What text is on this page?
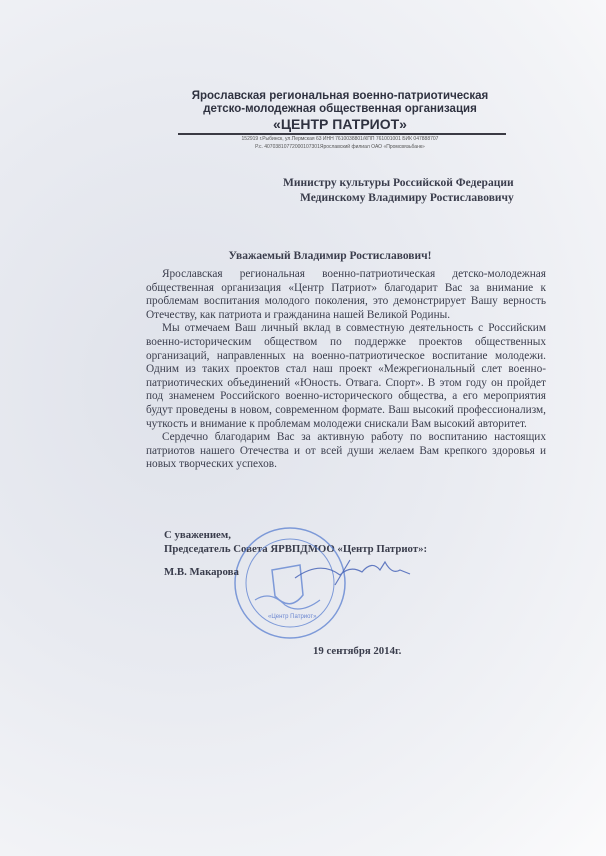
Ярославская региональная военно-патриотическая
детско-молодежная общественная организация
«ЦЕНТР ПАТРИОТ»
152919 г.Рыбинск, ул.Пермская 63 ИНН 7610038801/КПП 761001001 БИК 047888707
Р.с. 40703810772000107301Ярославский филиал ОАО «Промсвязьбанк»
Министру культуры Российской Федерации
Мединскому Владимиру Ростиславовичу
Уважаемый Владимир Ростиславович!

Ярославская региональная военно-патриотическая детско-молодежная общественная организация «Центр Патриот» благодарит Вас за внимание к проблемам воспитания молодого поколения, это демонстрирует Вашу верность Отечеству, как патриота и гражданина нашей Великой Родины.

Мы отмечаем Ваш личный вклад в совместную деятельность с Российским военно-историческим обществом по поддержке проектов общественных организаций, направленных на военно-патриотическое воспитание молодежи. Одним из таких проектов стал наш проект «Межрегиональный слет военно-патриотических объединений «Юность. Отвага. Спорт». В этом году он пройдет под знаменем Российского военно-исторического общества, а его мероприятия будут проведены в новом, современном формате. Ваш высокий профессионализм, чуткость и внимание к проблемам молодежи снискали Вам высокий авторитет.

Сердечно благодарим Вас за активную работу по воспитанию настоящих патриотов нашего Отечества и от всей души желаем Вам крепкого здоровья и новых творческих успехов.

С уважением,
Председатель Совета ЯРВПДМОО «Центр Патриот»:
«Центр Патриот»
М.В. Макарова
19 сентября 2014г.
